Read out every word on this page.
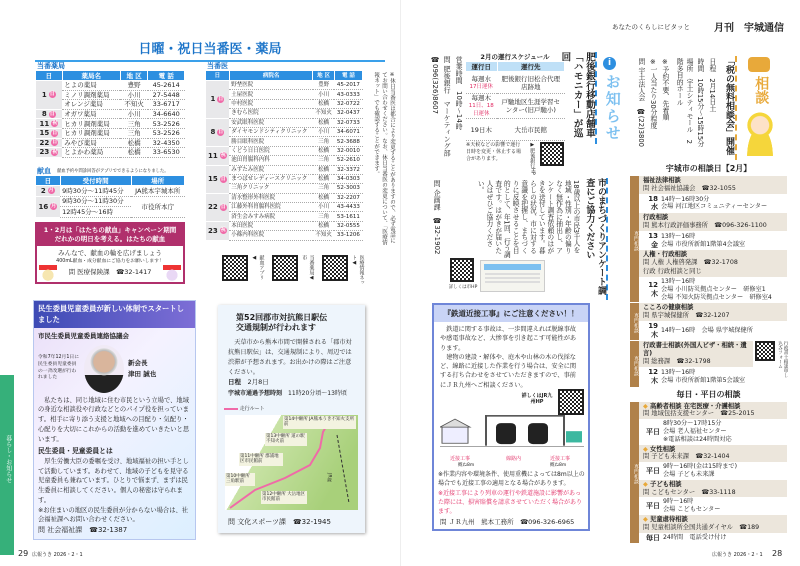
あなたのくらしにピタッと 月刊　宇城通信
日曜・祝日当番医・薬局
当番薬局
日	薬局名	地 区	電 話
1 日	とよの薬局	豊野	45-2614
	ミノリ調剤薬局	小川	27-5448
	オレンジ薬局	不知火	33-6717
8 日	オガワ薬局	小川	34-6640
11 祝	ヒカリ調剤薬局	三角	53-2526
15 日	ヒカリ調剤薬局	三角	53-2526
22 日	みやび薬局	松橋	32-4350
23 祝	とよかわ薬局	松橋	33-6530
献血 献血予約や問診回答がアプリでできるようになりました。
日	受付時間	場所
2 月	9時30分～11時45分	JA熊本宇城本所
16 月	9時30分～11時30分	市役所本庁
	12時45分～16時	
1・2月は「はたちの献血」キャンペーン期間
だれかの明日を考える。はたちの献血
みんなで、献血の輪を広げましょう
400mL献血・成分献血にご協力をお願いします！
問 医療保険課　☎32-1417
当番医
日	病院名	地 区	電 話
1 日	野埜医院	豊野	45-2017
	土屋医院	小川	43-0333
	中村医院	松橋	32-0722
	きむら医院	不知火	32-0437
8 日	安武眼科医院	松橋	32-0733
	ダイヤモンドシティクリニック	小川	34-6071
	勝目眼科医院	三角	52-3688
11 祝	くどう日日医院	松橋	32-0010
	池田胃腸科内科	三角	52-2610
15 日	みずたみ医院	松橋	32-3372
	まつばせレディースクリニック	松橋	34-0303
	三角クリニック	三角	52-3003
22 日	清水整形外科医院	松橋	32-2207
	江藤外科胃腸科医院	小川	43-4433
	済生会みすみ病院	三角	53-1611
23 祝	本田医院	松橋	32-0555
	小篠内科医院	不知火	33-1206	※休日当番医は都合により変更することがありますので、必ず電話にてお問い合わせください。なお、休日当番医の変更について、「医療情報ネット」でも確認することができます。
献血アプリ◀	当番薬局◀ 市	医療情報ネット◀
民生委員児童委員が新しい体制でスタートしました
市民生委員児童委員連絡協議会
令和7年12月1日に民生委員児童委員の一斉改選が行われました
新会長
津田 誠也
私たちは、同じ地域に住む市民という立場で、地域の身近な相談役や行政などとのパイプ役を担っています。相手に寄り添う支援と地域への目配り・気配り・心配りを大切にこれからの活動を進めていきたいと思います。
民生委員・児童委員とは
厚生労働大臣の委嘱を受け、地域福祉の担い手として活動しています。あわせて、地域の子どもを見守る児童委員も兼ねています。ひとりで悩まず、まずは民生委員に相談してください。個人の秘密は守られます。
※お住まいの地区の民生委員が分からない場合は、社会福祉課へお問い合わせください。
問 社会福祉課　☎32-1387
第52回郡市対抗熊日駅伝
交通規制が行われます
天草市から熊本市間で開催される「郡市対抗熊日駅伝」は、交通規制により、周辺では渋滞が予想されます。お出かけの際はご注意ください。
日程　 2月8日
宇城市通過予想時刻　 11時20分頃～13時頃
走行ルート
第14中継所 JA熊本うき不知火支所前
第13中継所 道の駅不知火前
第11中継所 郡浦地区市民館前
第10中継所 三角駅前
第12中継所 大岳地区市民館前
JR線
問 文化スポーツ課　☎32-1945
暮らし・お知らせ
29 広報うき 2026・2・1
i
お知らせ
肥後銀行移動店舗車「ハモニカー」が巡回
2月の運行スケジュール
運行日	運行先

毎週水
17日運休	肥後銀行旧松合代理店跡地

毎週木
11日、18日運休	戸馳地区生涯学習センター(旧戸馳小)

19日木	大岳市民館
※天候などの影響で運行日時を変更・休止する場合があります。	▶肥後銀行HP
営業時間　10時～14時
問 肥後銀行　マーケティング部
☎096(326)8607
市のまちづくりアンケート調査にご協力ください
18歳以上の市民3千人を地域・性別・年齢の偏りなく無作為に抽出し、アンケート調査依頼のはがきを送付しています。暮らしの状況、市に対する意識を把握し、まちづくりに反映させることを目的として、年1回、行う調査です。はがきが届いた人はぜひご協力ください。
詳しくは市HP
問 企画課　☎32-1902
相談
「税の無料相談会」開催
日程　2月14日土
時間　10時15分～15時15分
場所　宇土シティモール　2階多目的ホール
※予約不要、先着順
※一人当たり30分程度
問 宇土法人会　☎(22)3800
宇城市の相談日【2月】
専門相談
福祉法律相談
問 社会福祉協議会　☎32-1055
18 水
14時～16時30分
会場 河江地区コミュニティーセンター
行政相談
問 熊本行政評価事務所　☎096-326-1100
13 金
13時～16時
会場 市役所新館1階第4会議室
人権・行政相談
問 人権 人権啓発課　☎32-1708
行政 行政相談と同じ
12 木
13時～16時
会場 小川防災拠点センター　研修室1
会場 不知火防災拠点センター　研修室4
専門相談
こころの健康相談
問 県宇城保健所　☎32-1207
19 木
14時～16時　会場 県宇城保健所
専門相談
行政書士相談(外国人ビザ・相続・遺言)
問 総務課　☎32-1798
12 木
13時～16時
会場 市役所新館1階第5会議室
行政書士相談申し込みフォーム
毎日・平日の相談
専門相談
◆ 高齢者相談 在宅医療・介護相談
問 地域包括支援センター　☎25-2015
平日
8時30分～17時15分
会場 老人福祉センター
※電話相談は24時間対応
◆ 女性相談
問 子ども未来課　☎32-1404
平日 9時～16時(金は15時まで)
会場 子ども未来課
◆ 子ども相談
問 こどもセンター　☎33-1118
平日 9時～16時
会場 こどもセンター
◆ 児童虐待相談
問 児童相談所全国共通ダイヤル　☎189
毎日 24時間　電話受け付け
『鉄道近接工事』にご注意ください！！
鉄道に関する事故は、一歩間違えれば脱線事故や感電事故など、大惨事を引き起こす可能性があります。
建物の建設・解体や、庭木や山林の木の伐採など、線路に近接した作業を行う場合は、安全に関する打ち合わせをさせていただきますので、事前にＪＲ九州へご相談ください。
詳しくはJR九州HP
近接工事	線路内	近接工事
概ね8m	概ね8m
※作業内容や環境条件、使用重機によっては8m以上の場合でも近接工事の適用となる場合があります。
※近接工事により列車の運行や鉄道施設に影響があった際には、損害賠償を請求させていただく場合があります。
問 ＪＲ九州　熊本工務所　☎096-326-6965
広報うき 2026・2・1 28
